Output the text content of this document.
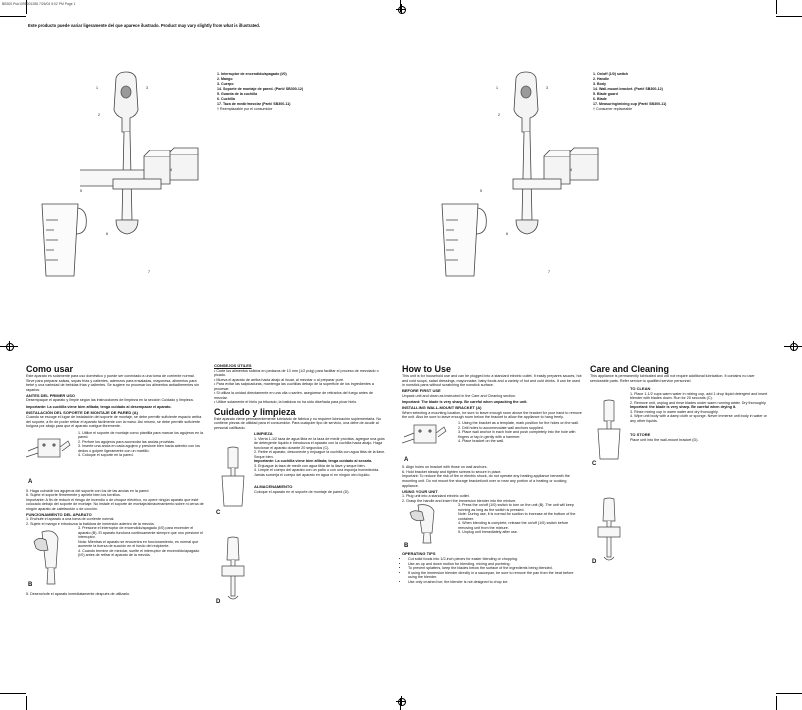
BB300.Pub1098001288 7/26/04 5:02 PM Page 1
Este producto puede variar ligeramente del que aparece ilustrado. Product may vary slightly from what is illustrated.
1
2
3
4
5
6
7
1. Interruptor de encendido/apagado (I/0)
2. Mango
3. Cuerpo
14. Soporte de montaje de pared. (Part# SB300-12)
5. Guarda de la cuchilla
6. Cuchilla
17. Taza de medir/mezclar (Part# SB300-11)
† Reemplazable por el consumidor
1
2
3
4
5
6
7
1. On/off (1/0) switch
2. Handle
3. Body
14. Wall-mount bracket. (Part# SB300-12)
5. Blade guard
6. Blade
17. Measuring/mixing cup (Part# SB300-11)
† Consumer replaceable
Como usar

Este aparato es solamente para uso doméstico y puede ser conectado a una toma de corriente normal. Sirve para preparar salsas, sopas frías y calientes, aderezos para ensaladas, mayonesa, alimentos para bebé y una variedad de bebidas frías y calientes. Se sugiere no procesar los alimentos antiadherentes sin rayarlos.

ANTES DEL PRIMER USO

Desempaque el aparato y limpie según las instrucciones de limpieza en la sección Cuidado y limpieza.

Importante: La cuchilla viene bien afilada; tenga cuidado al desempacar el aparato.

INSTALACIÓN DEL SOPORTE DE MONTAJE DE PARED (A)

Cuando se escoge el lugar de instalación del soporte de montaje, se debe permitir suficiente espacio arriba del soporte, a fin de poder retirar el aparato fácilmente con la mano. Así mismo, se debe permitir suficiente holgura por abajo para que el aparato cuelgue libremente.

A
1. Utilice el soporte de montaje como plantilla para marcar los agujeros en la pared.
2. Perfore los agujeros para acomodar las anclas provistas.
3. Inserte una ancla en cada agujero y presione bien hacia adentro con los dedos o golpee ligeramente con un martillo.
4. Coloque el soporte en la pared.
5. Haga coincidir los agujeros del soporte con los de las anclas en la pared.
6. Sujete el soporte firmemente y apriete bien los tornillos.

Importante: A fin de reducir el riesgo de incendio o de choque eléctrico, no opere ningún aparato que esté colocado debajo del soporte de montaje. No instale el soporte de montaje/almacenamiento sobre ni cerca de ningún aparato de calefacción o de cocción.

FUNCIONAMIENTO DEL APARATO
1. Enchufe el aparato a una toma de corriente normal.
2. Sujete el mango e introduzca la batidora de inmersión adentro de la mezcla.
B
3. Presione el interruptor de encendido/apagado (I/0) para encender el aparato (B). El aparato funciona continuamente siempre que uno presione el interruptor.
Nota: Mientras el aparato se encuentra en funcionamiento, es normal que aumente la fuerza de succión en el fondo del recipiente.
4. Cuando termine de mezclar, suelte el interruptor de encendido/apagado (I/0) antes de retirar el aparato de la mezcla.
5. Desenchufe el aparato inmediatamente después de utilizarlo.
CONSEJOS ÚTILES
• Corte los alimentos sólidos en pedazos de 13 mm (1/2 pulg) para facilitar el proceso de mezclado o picado.
• Mueva el aparato de arriba hacia abajo al licuar, al mezclar o al preparar puré.
• Para evitar las salpicaduras, mantenga las cuchillas debajo de la superficie de los ingredientes a procesar.
• Si utiliza la unidad directamente en una olla o sartén, asegúrese de retirarlos del fuego antes de mezclar.
• Utilice solamente el hielo ya triturado; la batidora no ha sido diseñada para picar hielo.
Cuidado y limpieza

Este aparato viene permanentemente lubricado de fábrica y no requiere lubricación suplementaria. No contiene piezas de utilidad para el consumidor. Para cualquier tipo de servicio, una debe de acudir al personal calificado.

C
D
LIMPIEZA
1. Vierta 1-1/2 taza de agua tibia en la taza de medir provista, agregue una gota de detergente líquido e introduzca el aparato con la cuchilla hacia abajo. Haga funcionar el aparato durante 20 segundos (C).
2. Retire el aparato, desconecte y enjuague la cuchilla con agua tibia de la llave. Seque bien.
Importante: La cuchilla viene bien afilada; tenga cuidado al secarla.
3. Enjuague la taza de medir con agua tibia de la llave y seque bien.
4. Limpie el cuerpo del aparato con un paño o con una esponja humedecida. Jamás sumerja el cuerpo del aparato en agua ni en ningún otro líquido.
ALMACENAMIENTO
Coloque el aparato en el soporte de montaje de pared (D).
How to Use

This unit is for household use and can be plugged into a standard electric outlet. It easily prepares sauces, hot and cold soups, salad dressings, mayonnaise, baby foods and a variety of hot and cold drinks. It can be used in nonstick pans without scratching the nonstick surface.

BEFORE FIRST USE

Unpack unit and clean as instructed in the Care and Cleaning section.

Important: The blade is very sharp. Be careful when unpacking the unit.

INSTALLING WALL-MOUNT BRACKET (A)

When selecting a mounting location, be sure to leave enough room above the bracket for your hand to remove the unit. Also be sure to leave enough room below the bracket to allow the appliance to hang freely.

A
1. Using the bracket as a template, mark position for the holes on the wall.
2. Drill holes to accommodate wall anchors supplied.
3. Place wall anchor in each hole and push completely into the hole with fingers or tap in gently with a hammer.
4. Place bracket on the wall.
5. Align holes on bracket with those on wall anchors.
6. Hold bracket steady and tighten screws to secure in place.

Important: To reduce the risk of fire or electric shock, do not operate any heating appliance beneath the mounting unit. Do not mount the storage bracket/unit over or near any portion of a heating or cooking appliance.

USING YOUR UNIT
1. Plug unit into a standard electric outlet.
2. Grasp the handle and insert the immersion blender into the mixture.
B
3. Press the on/off (1/0) switch to turn on the unit (B). The unit will keep running as long as the switch is pressed.
Note: During use, it is normal for suction to increase at the bottom of the container.
4. When blending is complete, release the on/off (1/0) switch before removing unit from the mixture.
5. Unplug unit immediately after use.
OPERATING TIPS
• Cut solid foods into 1/2-inch pieces for easier blending or chopping.
• Use an up and down motion for blending, mixing and puréeing.
• To prevent splatters, keep the blades below the surface of the ingredients being blended.
• If using the immersion blender directly in a saucepan, be sure to remove the pan from the heat before using the blender.
• Use only crushed ice; the blender is not designed to chop ice.
Care and Cleaning

This appliance is permanently lubricated and will not require additional lubrication. It contains no user serviceable parts. Refer service to qualified service personnel.

C
D
TO CLEAN
1. Place 1-1/2 cups warm water in mixing cup, add 1 drop liquid detergent and insert blender with blades down. Run for 20 seconds (C).
2. Remove unit, unplug and rinse blades under warm running water. Dry thoroughly.
Important: the blade is very sharp. Be careful when drying it.
3. Rinse mixing cup in warm water and dry thoroughly.
4. Wipe unit body with a damp cloth or sponge. Never immerse unit body in water or any other liquids.
TO STORE
Place unit into the wall-mount bracket (D).
